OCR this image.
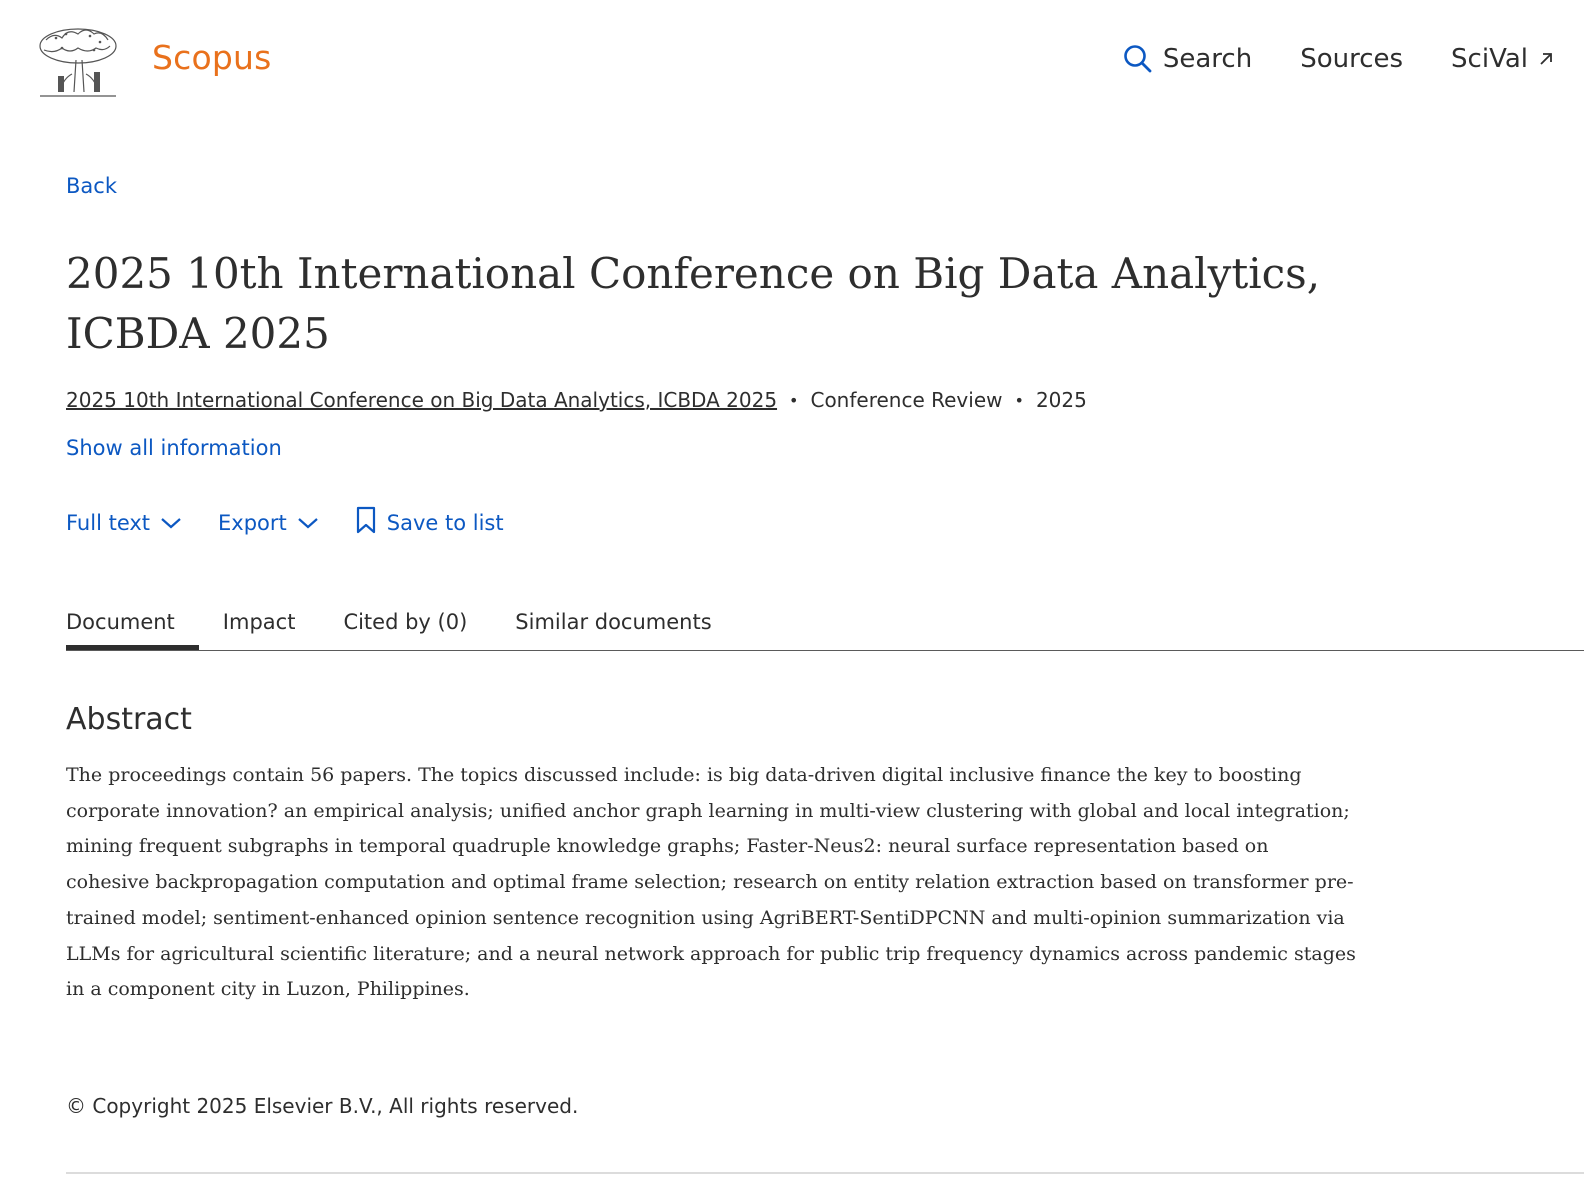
Scopus	Search Sources SciVal
Back
2025 10th International Conference on Big Data Analytics, ICBDA 2025
2025 10th International Conference on Big Data Analytics, ICBDA 2025 • Conference Review • 2025
Show all information
Full text	Export	Save to list
Document	Impact	Cited by (0)	Similar documents
Abstract

The proceedings contain 56 papers. The topics discussed include: is big data-driven digital inclusive finance the key to boosting corporate innovation? an empirical analysis; unified anchor graph learning in multi-view clustering with global and local integration; mining frequent subgraphs in temporal quadruple knowledge graphs; Faster-Neus2: neural surface representation based on cohesive backpropagation computation and optimal frame selection; research on entity relation extraction based on transformer pre-trained model; sentiment-enhanced opinion sentence recognition using AgriBERT-SentiDPCNN and multi-opinion summarization via LLMs for agricultural scientific literature; and a neural network approach for public trip frequency dynamics across pandemic stages in a component city in Luzon, Philippines.

© Copyright 2025 Elsevier B.V., All rights reserved.
